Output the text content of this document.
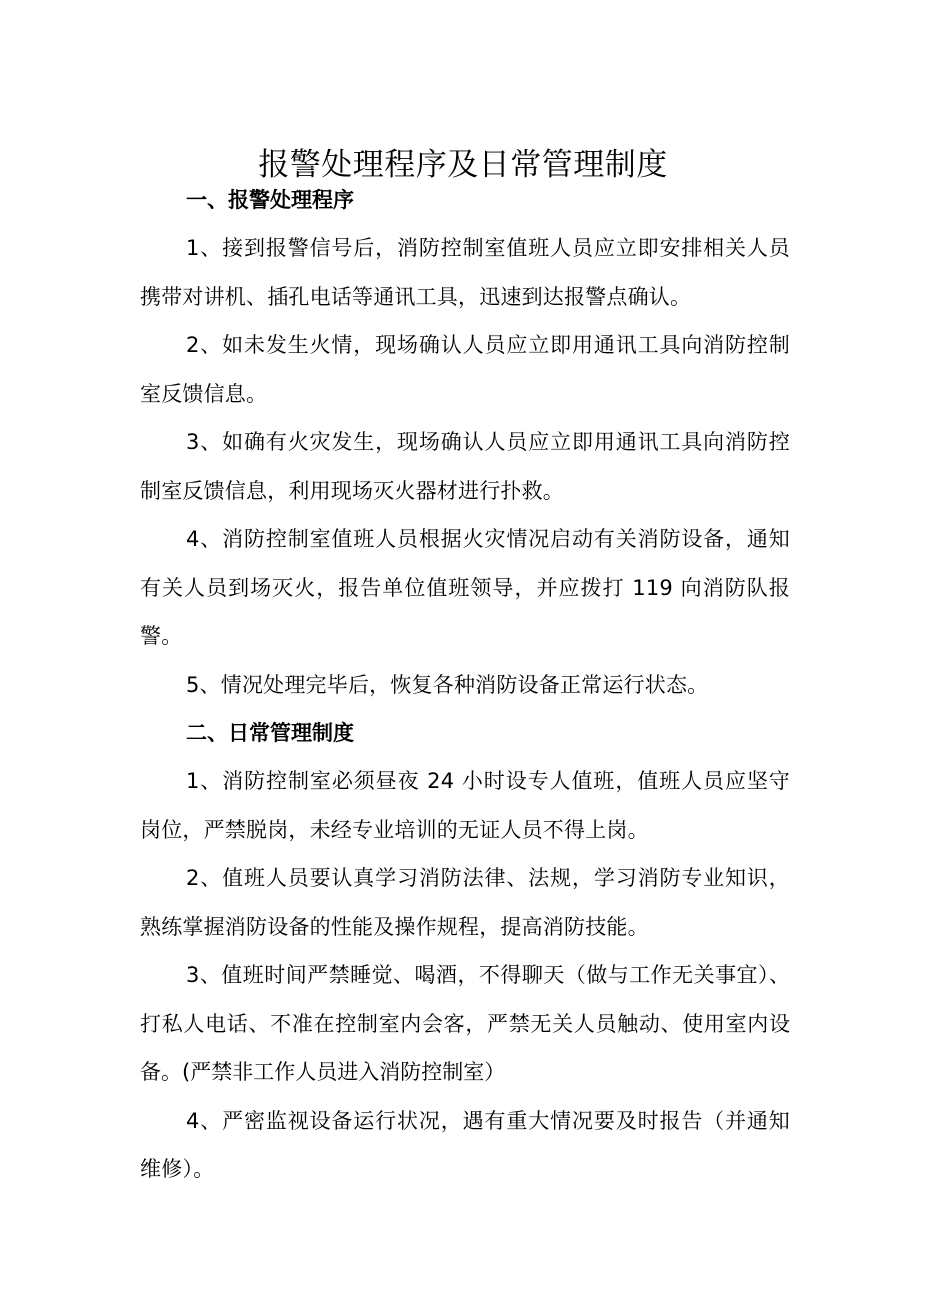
报警处理程序及日常管理制度

一、报警处理程序

1、接到报警信号后，消防控制室值班人员应立即安排相关人员携带对讲机、插孔电话等通讯工具，迅速到达报警点确认。

2、如未发生火情，现场确认人员应立即用通讯工具向消防控制室反馈信息。

3、如确有火灾发生，现场确认人员应立即用通讯工具向消防控制室反馈信息，利用现场灭火器材进行扑救。

4、消防控制室值班人员根据火灾情况启动有关消防设备，通知有关人员到场灭火，报告单位值班领导，并应拨打 119 向消防队报警。

5、情况处理完毕后，恢复各种消防设备正常运行状态。

二、日常管理制度

1、消防控制室必须昼夜 24 小时设专人值班，值班人员应坚守岗位，严禁脱岗，未经专业培训的无证人员不得上岗。

2、值班人员要认真学习消防法律、法规，学习消防专业知识，熟练掌握消防设备的性能及操作规程，提高消防技能。

3、值班时间严禁睡觉、喝酒，不得聊天（做与工作无关事宜）、打私人电话、不准在控制室内会客，严禁无关人员触动、使用室内设备。(严禁非工作人员进入消防控制室）

4、严密监视设备运行状况，遇有重大情况要及时报告（并通知维修）。
